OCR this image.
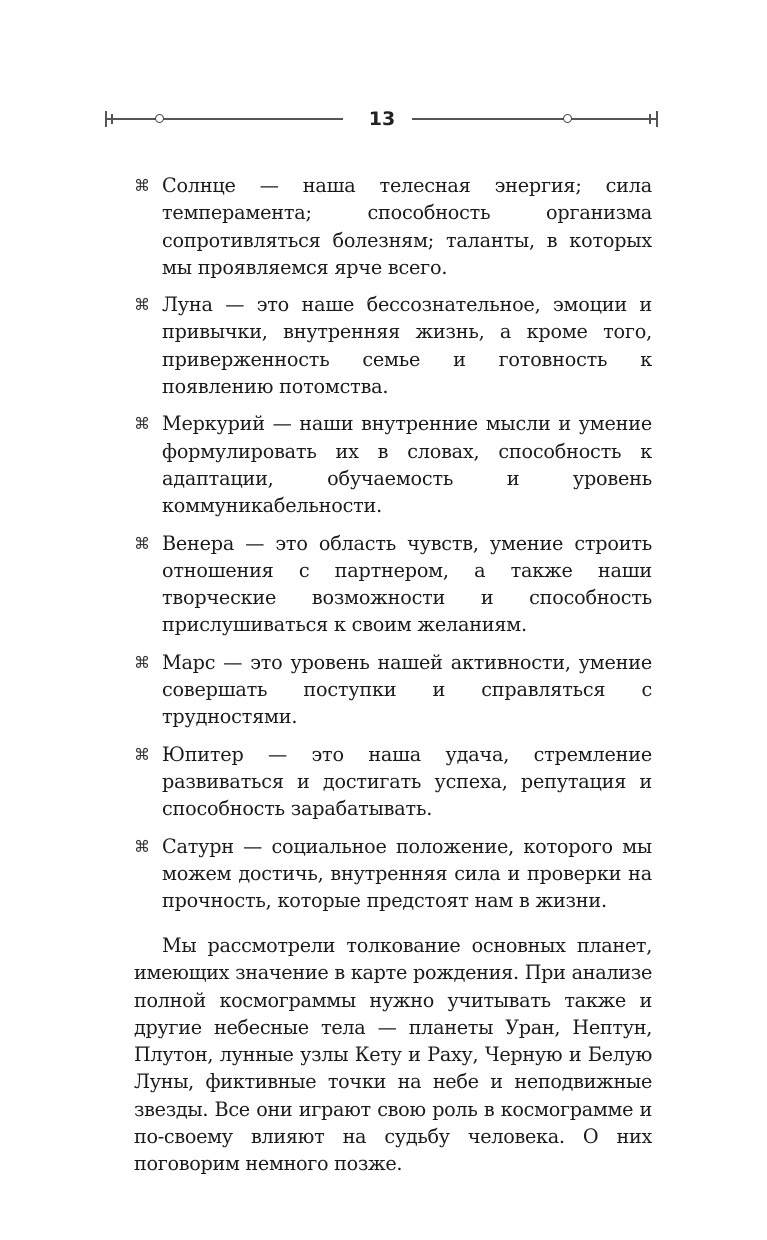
13
⌘ Солнце — наша телесная энергия; сила темперамента; способность организма сопротивляться болезням; таланты, в которых мы проявляемся ярче всего.
⌘ Луна — это наше бессознательное, эмоции и привычки, внутренняя жизнь, а кроме того, приверженность семье и готовность к появлению потомства.
⌘ Меркурий — наши внутренние мысли и умение формулировать их в словах, способность к адаптации, обучаемость и уровень коммуникабельности.
⌘ Венера — это область чувств, умение строить отношения с партнером, а также наши творческие возможности и способность прислушиваться к своим желаниям.
⌘ Марс — это уровень нашей активности, умение совершать поступки и справляться с трудностями.
⌘ Юпитер — это наша удача, стремление развиваться и достигать успеха, репутация и способность зарабатывать.
⌘ Сатурн — социальное положение, которого мы можем достичь, внутренняя сила и проверки на прочность, которые предстоят нам в жизни.

Мы рассмотрели толкование основных планет, имеющих значение в карте рождения. При анализе полной космограммы нужно учитывать также и другие небесные тела — планеты Уран, Нептун, Плутон, лунные узлы Кету и Раху, Черную и Белую Луны, фиктивные точки на небе и неподвижные звезды. Все они играют свою роль в космограмме и по-своему влияют на судьбу человека. О них поговорим немного позже.
